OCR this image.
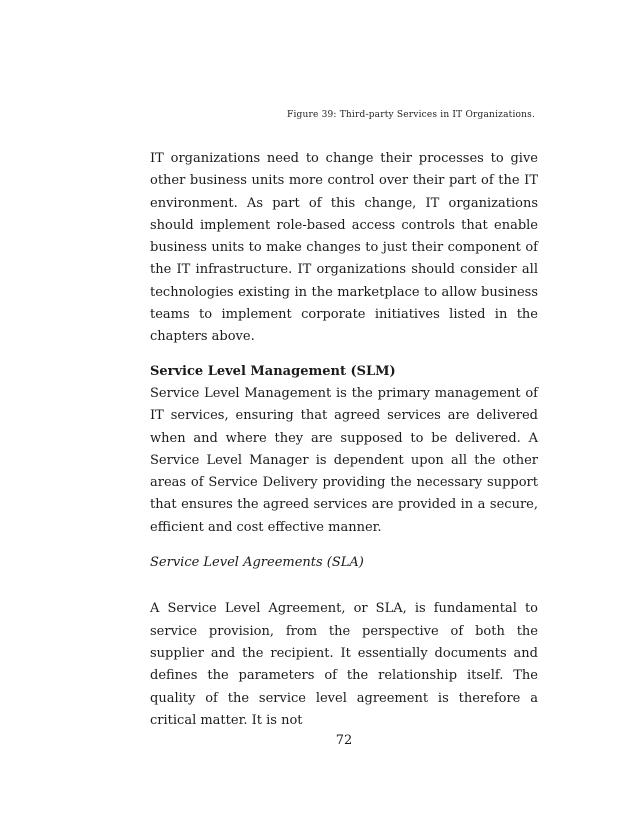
Figure 39: Third-party Services in IT Organizations.

IT organizations need to change their processes to give other business units more control over their part of the IT environment. As part of this change, IT organizations should implement role-based access controls that enable business units to make changes to just their component of the IT infrastructure. IT organizations should consider all technologies existing in the marketplace to allow business teams to implement corporate initiatives listed in the chapters above.

Service Level Management (SLM)

Service Level Management is the primary management of IT services, ensuring that agreed services are delivered when and where they are supposed to be delivered. A Service Level Manager is dependent upon all the other areas of Service Delivery providing the necessary support that ensures the agreed services are provided in a secure, efficient and cost effective manner.

Service Level Agreements (SLA)

A Service Level Agreement, or SLA, is fundamental to service provision, from the perspective of both the supplier and the recipient. It essentially documents and defines the parameters of the relationship itself. The quality of the service level agreement is therefore a critical matter. It is not

72
